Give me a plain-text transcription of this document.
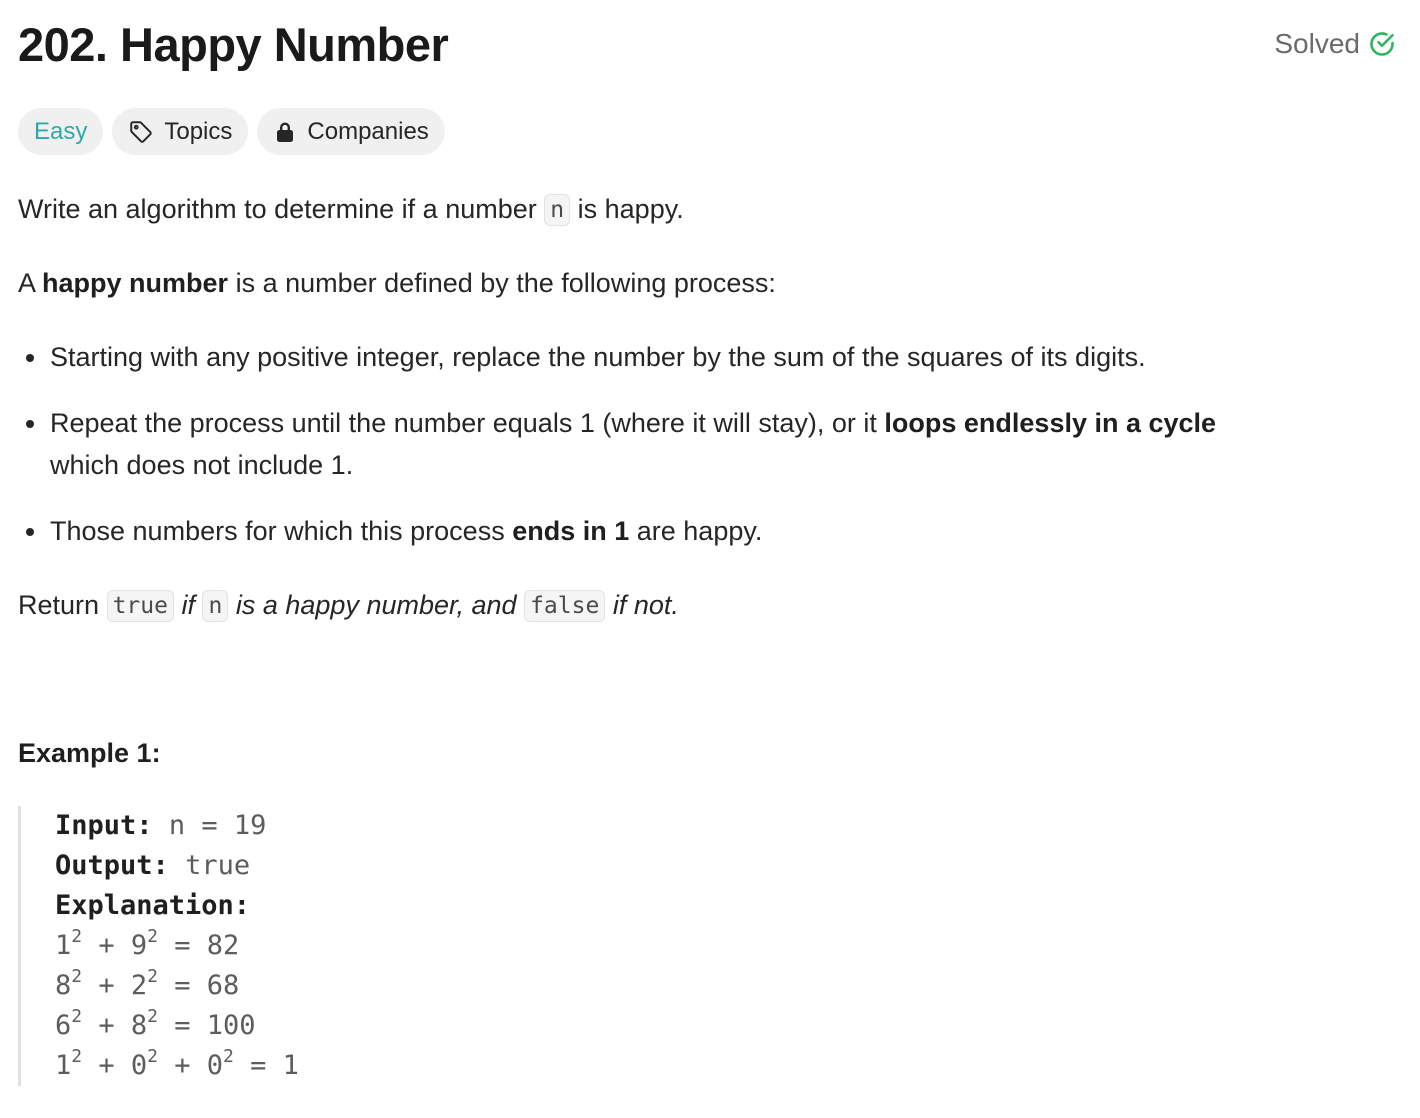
202. Happy Number	Solved
Easy	Topics	Companies

Write an algorithm to determine if a number n is happy.

A happy number is a number defined by the following process:

Starting with any positive integer, replace the number by the sum of the squares of its digits.
Repeat the process until the number equals 1 (where it will stay), or it loops endlessly in a cycle
which does not include 1.
Those numbers for which this process ends in 1 are happy.

Return true if n is a happy number, and false if not.

Example 1:
Input: n = 19
Output: true
Explanation:
$1^2 + 9^2 = 82$
$8^2 + 2^2 = 68$
$6^2 + 8^2 = 100$
$1^2 + 0^2 + 0^2 = 1$
